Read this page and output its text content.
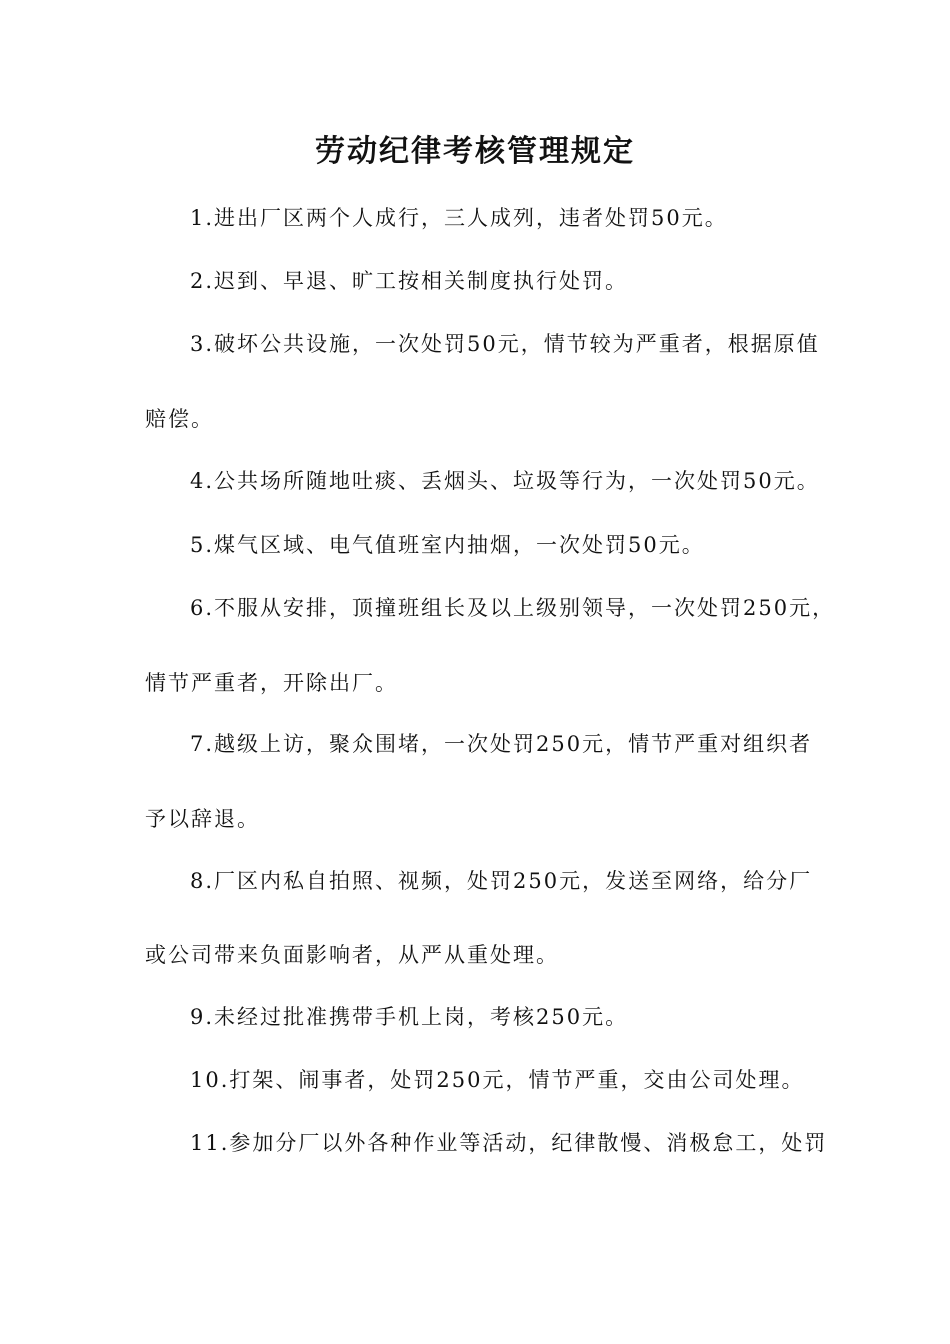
劳动纪律考核管理规定
1.进出厂区两个人成行，三人成列，违者处罚50元。
2.迟到、早退、旷工按相关制度执行处罚。
3.破坏公共设施，一次处罚50元，情节较为严重者，根据原值
赔偿。
4.公共场所随地吐痰、丢烟头、垃圾等行为，一次处罚50元。
5.煤气区域、电气值班室内抽烟，一次处罚50元。
6.不服从安排，顶撞班组长及以上级别领导，一次处罚250元，
情节严重者，开除出厂。
7.越级上访，聚众围堵，一次处罚250元，情节严重对组织者
予以辞退。
8.厂区内私自拍照、视频，处罚250元，发送至网络，给分厂
或公司带来负面影响者，从严从重处理。
9.未经过批准携带手机上岗，考核250元。
10.打架、闹事者，处罚250元，情节严重，交由公司处理。
11.参加分厂以外各种作业等活动，纪律散慢、消极怠工，处罚
